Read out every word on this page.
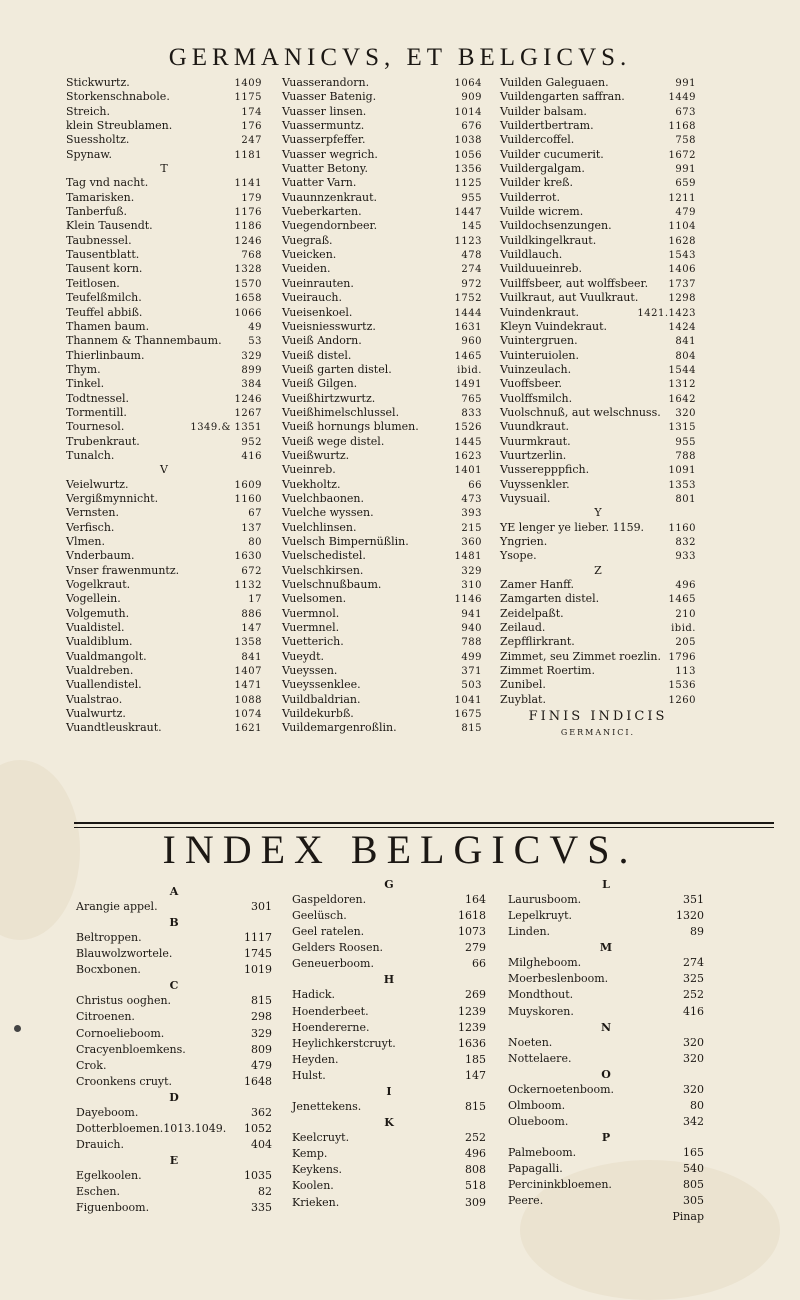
GERMANICVS, ET BELGICVS.
Stickwurtz.	1409
Storkenschnabole.	1175
Streich.	174
klein Streublamen.	176
Suessholtz.	247
Spynaw.	1181
T
Tag vnd nacht.	1141
Tamarisken.	179
Tanberfuß.	1176
Klein Tausendt.	1186
Taubnessel.	1246
Tausentblatt.	768
Tausent korn.	1328
Teitlosen.	1570
Teufelßmilch.	1658
Teuffel abbiß.	1066
Thamen baum.	49
Thannem & Thannembaum.	53
Thierlinbaum.	329
Thym.	899
Tinkel.	384
Todtnessel.	1246
Tormentill.	1267
Tournesol.	1349.& 1351
Trubenkraut.	952
Tunalch.	416
V
Veielwurtz.	1609
Vergißmynnicht.	1160
Vernsten.	67
Verfisch.	137
Vlmen.	80
Vnderbaum.	1630
Vnser frawenmuntz.	672
Vogelkraut.	1132
Vogellein.	17
Volgemuth.	886
Vualdistel.	147
Vualdiblum.	1358
Vualdmangolt.	841
Vualdreben.	1407
Vuallendistel.	1471
Vualstrao.	1088
Vualwurtz.	1074
Vuandtleuskraut.	1621
Vuasserandorn.	1064
Vuasser Batenig.	909
Vuasser linsen.	1014
Vuassermuntz.	676
Vuasserpfeffer.	1038
Vuasser wegrich.	1056
Vuatter Betony.	1356
Vuatter Varn.	1125
Vuaunnzenkraut.	955
Vueberkarten.	1447
Vuegendornbeer.	145
Vuegraß.	1123
Vueicken.	478
Vueiden.	274
Vueinrauten.	972
Vueirauch.	1752
Vueisenkoel.	1444
Vueisniesswurtz.	1631
Vueiß Andorn.	960
Vueiß distel.	1465
Vueiß garten distel.	ibid.
Vueiß Gilgen.	1491
Vueißhirtzwurtz.	765
Vueißhimelschlussel.	833
Vueiß hornungs blumen.	1526
Vueiß wege distel.	1445
Vueißwurtz.	1623
Vueinreb.	1401
Vuekholtz.	66
Vuelchbaonen.	473
Vuelche wyssen.	393
Vuelchlinsen.	215
Vuelsch Bimpernüßlin.	360
Vuelschedistel.	1481
Vuelschkirsen.	329
Vuelschnußbaum.	310
Vuelsomen.	1146
Vuermnol.	941
Vuermnel.	940
Vuetterich.	788
Vueydt.	499
Vueyssen.	371
Vueyssenklee.	503
Vuildbaldrian.	1041
Vuildekurbß.	1675
Vuildemargenroßlin.	815
Vuilden Galeguaen.	991
Vuildengarten saffran.	1449
Vuilder balsam.	673
Vuildertbertram.	1168
Vuildercoffel.	758
Vuilder cucumerit.	1672
Vuildergalgam.	991
Vuilder kreß.	659
Vuilderrot.	1211
Vuilde wicrem.	479
Vuildochsenzungen.	1104
Vuildkingelkraut.	1628
Vuildlauch.	1543
Vuilduueinreb.	1406
Vuilffsbeer, aut wolffsbeer. 1737
Vuilkraut, aut Vuulkraut.	1298
Vuindenkraut.	1421.1423
Kleyn Vuindekraut.	1424
Vuintergruen.	841
Vuinteruiolen.	804
Vuinzeulach.	1544
Vuoffsbeer.	1312
Vuolffsmilch.	1642
Vuolschnuß, aut welschnuss. 320
Vuundkraut.	1315
Vuurmkraut.	955
Vuurtzerlin.	788
Vusserepppfich.	1091
Vuyssenkler.	1353
Vuysuail.	801
Y
YE lenger ye lieber. 1159. 1160
Yngrien.	832
Ysope.	933
Z
Zamer Hanff.	496
Zamgarten distel.	1465
Zeidelpaßt.	210
Zeilaud.	ibid.
Zepfflirkrant.	205
Zimmet, seu Zimmet roezlin. 1796
Zimmet Roertim.	113
Zunibel.	1536
Zuyblat.	1260
FINIS INDICIS
GERMANICI.
INDEX BELGICVS.
A
Arangie appel.	301
B
Beltroppen.	1117
Blauwolzwortele.	1745
Bocxbonen.	1019
C
Christus ooghen.	815
Citroenen.	298
Cornoelieboom.	329
Cracyenbloemkens.	809
Crok.	479
Croonkens cruyt.	1648
D
Dayeboom.	362
Dotterbloemen.1013.1049. 1052
Drauich.	404
E
Egelkoolen.	1035
Eschen.	82
Figuenboom.	335
G
Gaspeldoren.	164
Geelüsch.	1618
Geel ratelen.	1073
Gelders Roosen.	279
Geneuerboom.	66
H
Hadick.	269
Hoenderbeet.	1239
Hoendererne.	1239
Heylichkerstcruyt.	1636
Heyden.	185
Hulst.	147
I
Jenettekens.	815
K
Keelcruyt.	252
Kemp.	496
Keykens.	808
Koolen.	518
Krieken.	309
L
Laurusboom.	351
Lepelkruyt.	1320
Linden.	89
M
Milgheboom.	274
Moerbeslenboom.	325
Mondthout.	252
Muyskoren.	416
N
Noeten.	320
Nottelaere.	320
O
Ockernoetenboom.	320
Olmboom.	80
Olueboom.	342
P
Palmeboom.	165
Papagalli.	540
Percininkbloemen.	805
Peere.	305
Pinap
